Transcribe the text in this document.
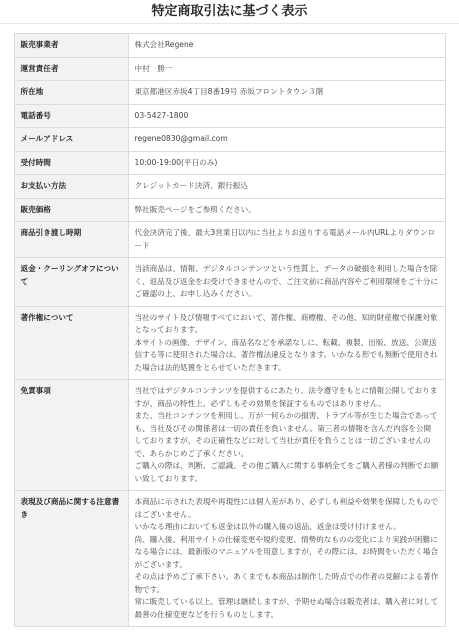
特定商取引法に基づく表示
販売事業者	株式会社Regene
運営責任者	中村　勝一
所在地	東京都港区赤坂4丁目8番19号 赤坂フロントタウン３階
電話番号	03-5427-1800
メールアドレス	regene0830@gmail.com
受付時間	10:00-19:00(平日のみ)
お支払い方法	クレジットカード決済、銀行振込
販売価格	弊社販売ページをご参照ください。
商品引き渡し時期	代金決済完了後、最大3営業日以内に当社よりお送りする電話メール内URLよりダウンロード
返金・クーリングオフについて	当該商品は、情報、デジタルコンテンツという性質上、データの破損を利用した場合を除く、返品及び返金をお受けできませんので、ご注文前に商品内容やご利用環境をご十分にご確認の上、お申し込みください。
著作権について	当社のサイト及び情報すべてにおいて、著作権、商標権、その他、知的財産権で保護対象となっております。
本サイトの画像、デザイン、商品名などを承諾なしに、転載、複製、出版、放送、公衆送信する等に使用された場合は、著作権法違反となります。いかなる形でも無断で使用された場合は法的処置をとらせていただきます。
免責事項	当社ではデジタルコンテンツを提供するにあたり、法令遵守をもとに情報公開しておりますが、商品の特性上、必ずしもその効果を保証するものではありません。
また、当社コンテンツを利用し、万が一何らかの損害、トラブル等が生じた場合であっても、当社及びその関係者は一切の責任を負いません。第三者の情報を含んだ内容を公開しておりますが、その正確性などに対して当社が責任を負うことは一切ございませんので、あらかじめご了承ください。
ご購入の際は、判断、ご認識、その他ご購入に関する事柄全てをご購入者様の判断でお願い致しております。
表現及び商品に関する注意書き	本商品に示された表現や再現性には個人差があり、必ずしも利益や効果を保障したものではございません。
いかなる理由においても返金は以外の購入後の返品、返金は受け付けません。
尚、購入後、利用サイトの仕様変更や規約変更、情勢的なものの変化により実践が困難になる場合には、最新版のマニュアルを用意しますが、その際には、お時間をいただく場合がございます。
その点は予めご了承下さい。あくまでも本商品は制作した時点での作者の見解による著作物です。
常に販売している以上、管理は継続しますが、予期せぬ場合は販売者は、購入者に対して最善の仕様変更などを行うものとします。
